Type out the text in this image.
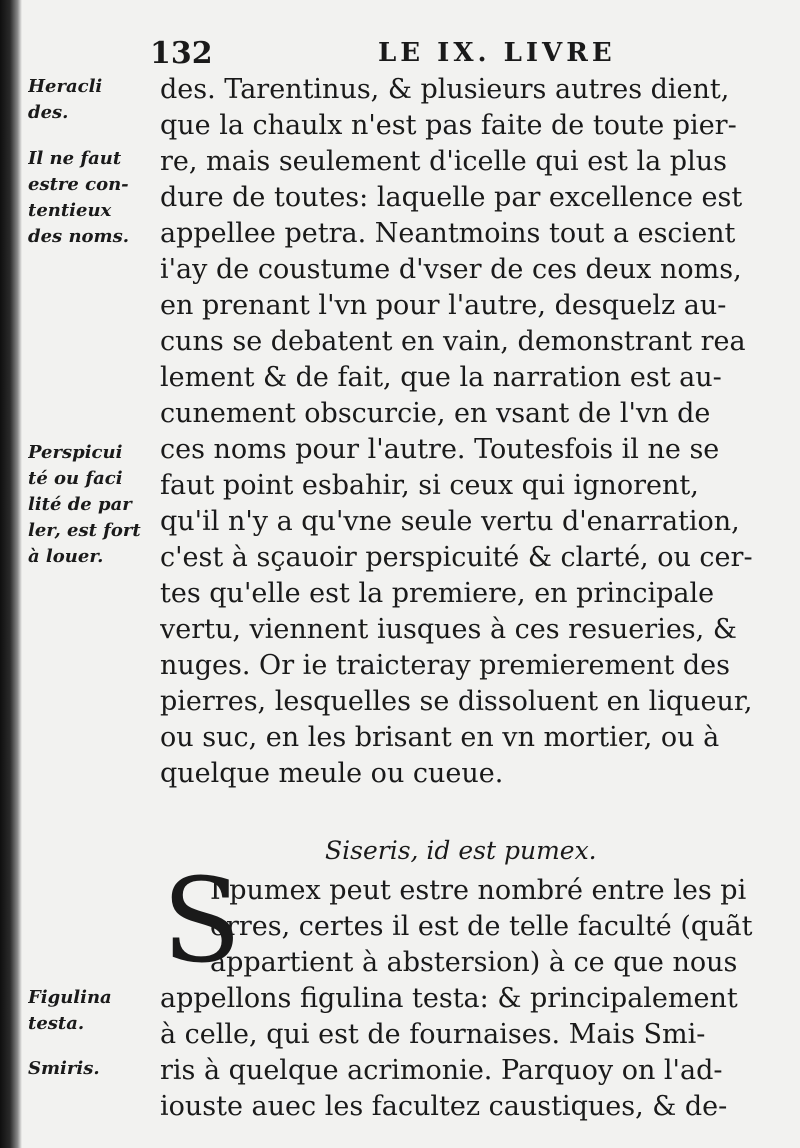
132	LE IX. LIVRE
Heracli
des.
Il ne faut
estre con-
tentieux
des noms.
Perspicui
té ou faci
lité de par
ler, est fort
à louer.
Figulina
testa.
Smiris.
des. Tarentinus, & plusieurs autres dient,
que la chaulx n'est pas faite de toute pier-
re, mais seulement d'icelle qui est la plus
dure de toutes: laquelle par excellence est
appellee petra. Neantmoins tout a escient
i'ay de coustume d'vser de ces deux noms,
en prenant l'vn pour l'autre, desquelz au-
cuns se debatent en vain, demonstrant rea
lement & de fait, que la narration est au-
cunement obscurcie, en vsant de l'vn de
ces noms pour l'autre. Toutesfois il ne se
faut point esbahir, si ceux qui ignorent,
qu'il n'y a qu'vne seule vertu d'enarration,
c'est à sçauoir perspicuité & clarté, ou cer-
tes qu'elle est la premiere, en principale
vertu, viennent iusques à ces resueries, &
nuges. Or ie traicteray premierement des
pierres, lesquelles se dissoluent en liqueur,
ou suc, en les brisant en vn mortier, ou à
quelque meule ou cueue.
Siseris, id est pumex.
S
I pumex peut estre nombré entre les pi
erres, certes il est de telle faculté (quãt
appartient à abstersion) à ce que nous
appellons figulina testa: & principalement
à celle, qui est de fournaises. Mais Smi-
ris à quelque acrimonie. Parquoy on l'ad-
iouste auec les facultez caustiques, & de-
